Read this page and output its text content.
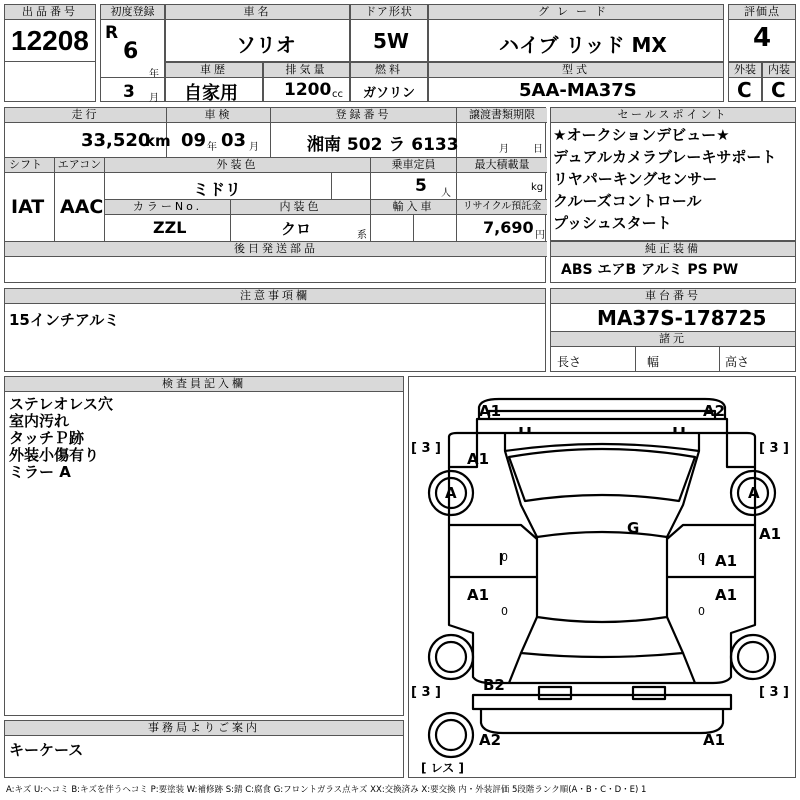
出品番号
12208
初度登録
R
6
年
3 月
車名
ソリオ
ドア形状
5W
グレード
ハイブ リッド MX
評価点
4
車歴
自家用
排気量
1200 cc
燃料
ガソリン
型式
5AA-MA37S
外装
C
内装
C
走行
33,520
km
車検
09 年 03 月
登録番号
湘南 502 ラ 6133
譲渡書類期限
月 日
シフト
IAT
エアコン
AAC
外装色
ミドリ
乗車定員
5 人
最大積載量
kg
カラーNo.
ZZL
内装色
クロ	系
輸入車	リサイクル預託金
7,690 円
後日発送部品
セールスポイント
★オークションデビュー★
デュアルカメラブレーキサポート
リヤパーキングセンサー
クルーズコントロール
プッシュスタート
純正装備
ABS エアB アルミ PS PW
注意事項欄
15インチアルミ
車台番号
MA37S-178725
諸元
長さ	幅	高さ
検査員記入欄
ステレオレス穴
室内汚れ
タッチＰ跡
外装小傷有り
ミラー A
事務局よりご案内
キーケース
A1	A2
A1
A	A
A1
G
A1
A1	A1
B2
A2	A1
[ 3 ]	[ 3 ]
[ 3 ]	[ 3 ]
[ レス ]
0	0
0	0
A:キズ U:ヘコミ B:キズを伴うヘコミ P:要塗装 W:補修跡 S:錆 C:腐食 G:フロントガラス点キズ XX:交換済み X:要交換 内・外装評価 5段階ランク順(A・B・C・D・E) 1
